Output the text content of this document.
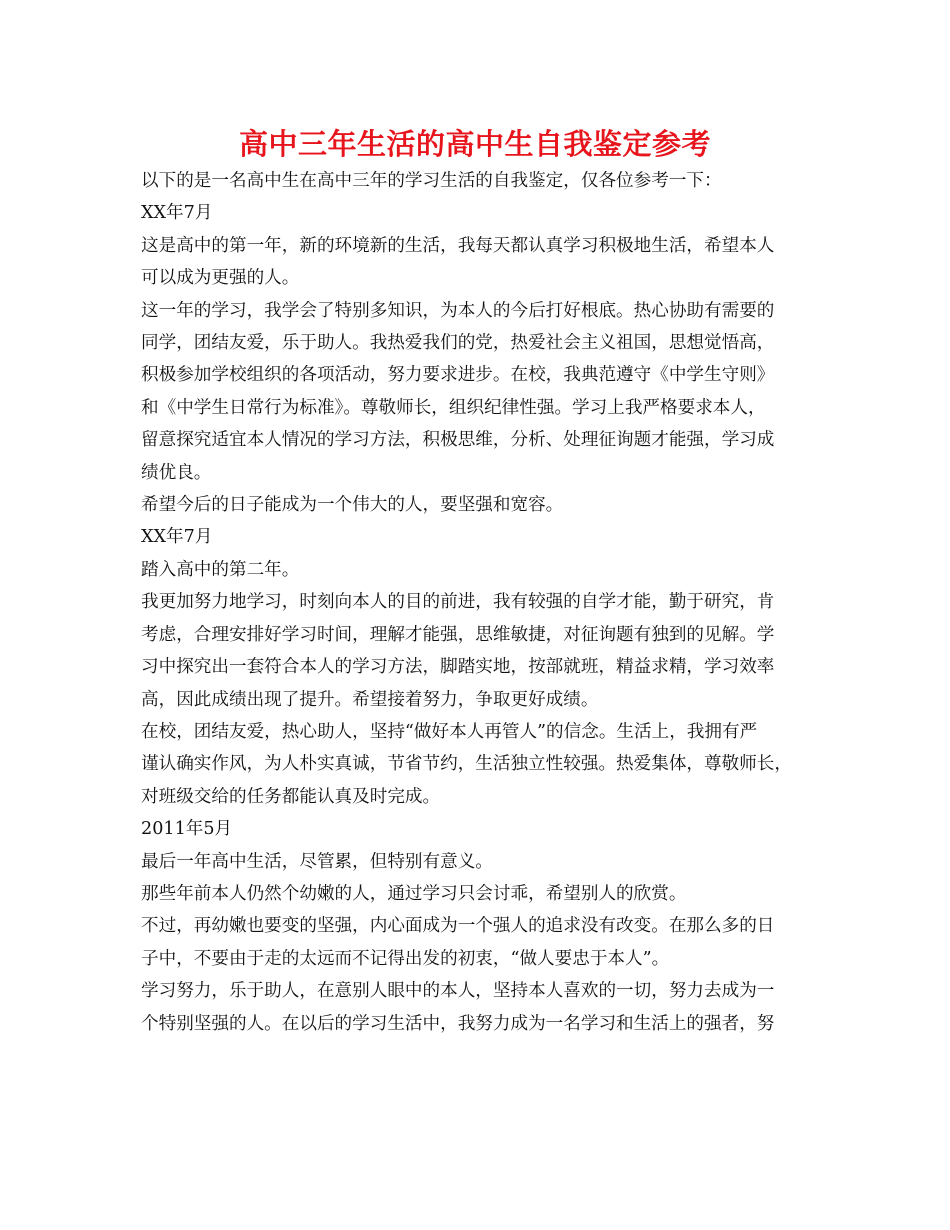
高中三年生活的高中生自我鉴定参考

以下的是一名高中生在高中三年的学习生活的自我鉴定，仅各位参考一下：

XX年7月

这是高中的第一年，新的环境新的生活，我每天都认真学习积极地生活，希望本人

可以成为更强的人。

这一年的学习，我学会了特别多知识，为本人的今后打好根底。热心协助有需要的

同学，团结友爱，乐于助人。我热爱我们的党，热爱社会主义祖国，思想觉悟高，

积极参加学校组织的各项活动，努力要求进步。在校，我典范遵守《中学生守则》

和《中学生日常行为标准》。尊敬师长，组织纪律性强。学习上我严格要求本人，

留意探究适宜本人情况的学习方法，积极思维，分析、处理征询题才能强，学习成

绩优良。

希望今后的日子能成为一个伟大的人，要坚强和宽容。

XX年7月

踏入高中的第二年。

我更加努力地学习，时刻向本人的目的前进，我有较强的自学才能，勤于研究，肯

考虑，合理安排好学习时间，理解才能强，思维敏捷，对征询题有独到的见解。学

习中探究出一套符合本人的学习方法，脚踏实地，按部就班，精益求精，学习效率

高，因此成绩出现了提升。希望接着努力，争取更好成绩。

在校，团结友爱，热心助人，坚持“做好本人再管人”的信念。生活上，我拥有严

谨认确实作风，为人朴实真诚，节省节约，生活独立性较强。热爱集体，尊敬师长，

对班级交给的任务都能认真及时完成。

2011年5月

最后一年高中生活，尽管累，但特别有意义。

那些年前本人仍然个幼嫩的人，通过学习只会讨乖，希望别人的欣赏。

不过，再幼嫩也要变的坚强，内心面成为一个强人的追求没有改变。在那么多的日

子中，不要由于走的太远而不记得出发的初衷，“做人要忠于本人”。

学习努力，乐于助人，在意别人眼中的本人，坚持本人喜欢的一切，努力去成为一

个特别坚强的人。在以后的学习生活中，我努力成为一名学习和生活上的强者，努
